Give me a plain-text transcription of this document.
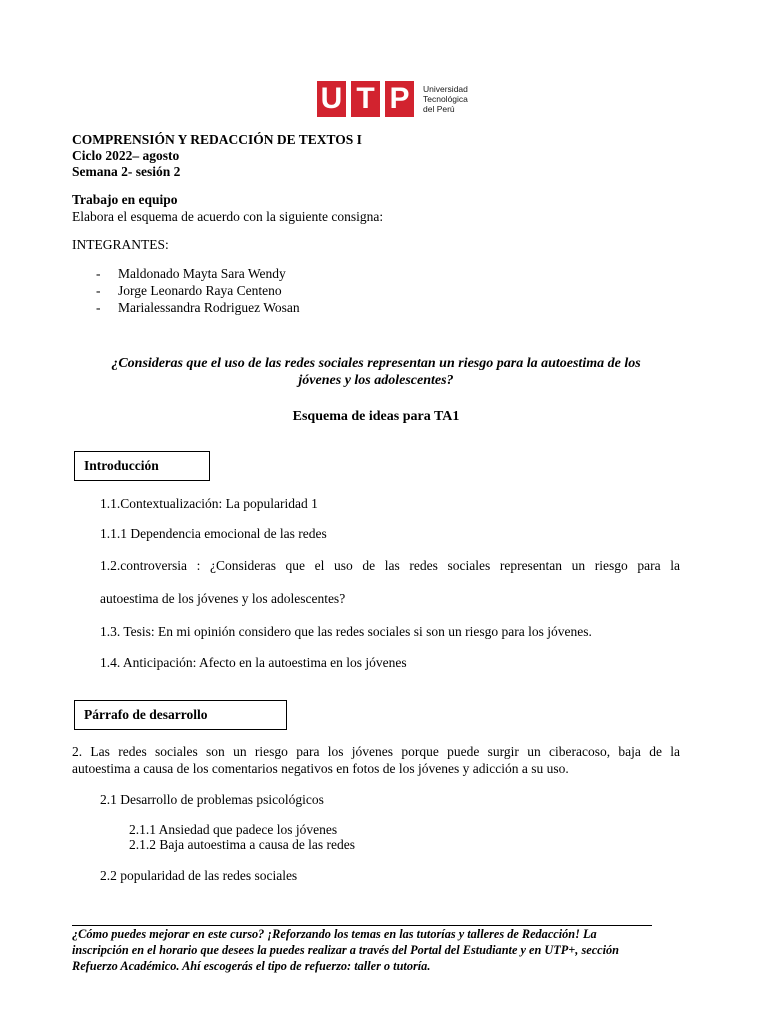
U T P	Universidad
Tecnológica
del Perú
COMPRENSIÓN Y REDACCIÓN DE TEXTOS I
Ciclo 2022– agosto
Semana 2- sesión 2
Trabajo en equipo
Elabora el esquema de acuerdo con la siguiente consigna:
INTEGRANTES:
-	Maldonado Mayta Sara Wendy
-	Jorge Leonardo Raya Centeno
-	Marialessandra Rodriguez Wosan
¿Consideras que el uso de las redes sociales representan un riesgo para la autoestima de los
jóvenes y los adolescentes?
Esquema de ideas para TA1
Introducción
1.1.Contextualización: La popularidad 1
1.1.1 Dependencia emocional de las redes
1.2.controversia : ¿Consideras que el uso de las redes sociales representan un riesgo para la
autoestima de los jóvenes y los adolescentes?
1.3. Tesis: En mi opinión considero que las redes sociales si son un riesgo para los jóvenes.
1.4. Anticipación: Afecto en la autoestima en los jóvenes
Párrafo de desarrollo
2. Las redes sociales son un riesgo para los jóvenes porque puede surgir un ciberacoso, baja de la
autoestima a causa de los comentarios negativos en fotos de los jóvenes y adicción a su uso.
2.1 Desarrollo de problemas psicológicos
2.1.1 Ansiedad que padece los jóvenes
2.1.2 Baja autoestima a causa de las redes
2.2 popularidad de las redes sociales
¿Cómo puedes mejorar en este curso? ¡Reforzando los temas en las tutorías y talleres de Redacción! La
inscripción en el horario que desees la puedes realizar a través del Portal del Estudiante y en UTP+, sección
Refuerzo Académico. Ahí escogerás el tipo de refuerzo: taller o tutoría.
